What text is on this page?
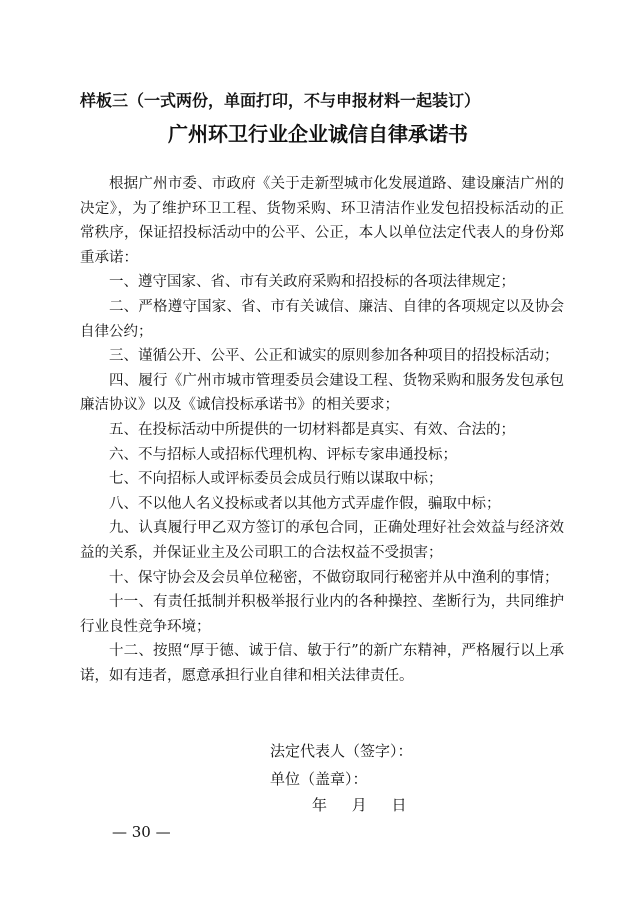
样板三（一式两份，单面打印，不与申报材料一起装订）
广州环卫行业企业诚信自律承诺书

根据广州市委、市政府《关于走新型城市化发展道路、建设廉洁广州的决定》，为了维护环卫工程、货物采购、环卫清洁作业发包招投标活动的正常秩序，保证招投标活动中的公平、公正，本人以单位法定代表人的身份郑重承诺：

一、遵守国家、省、市有关政府采购和招投标的各项法律规定；

二、严格遵守国家、省、市有关诚信、廉洁、自律的各项规定以及协会自律公约；

三、谨循公开、公平、公正和诚实的原则参加各种项目的招投标活动；

四、履行《广州市城市管理委员会建设工程、货物采购和服务发包承包廉洁协议》以及《诚信投标承诺书》的相关要求；

五、在投标活动中所提供的一切材料都是真实、有效、合法的；

六、不与招标人或招标代理机构、评标专家串通投标；

七、不向招标人或评标委员会成员行贿以谋取中标；

八、不以他人名义投标或者以其他方式弄虚作假，骗取中标；

九、认真履行甲乙双方签订的承包合同，正确处理好社会效益与经济效益的关系，并保证业主及公司职工的合法权益不受损害；

十、保守协会及会员单位秘密，不做窃取同行秘密并从中渔利的事情；

十一、有责任抵制并积极举报行业内的各种操控、垄断行为，共同维护行业良性竞争环境；

十二、按照“厚于德、诚于信、敏于行”的新广东精神，严格履行以上承诺，如有违者，愿意承担行业自律和相关法律责任。

法定代表人（签字）：
单位（盖章）：
年 月 日
— 30 —
